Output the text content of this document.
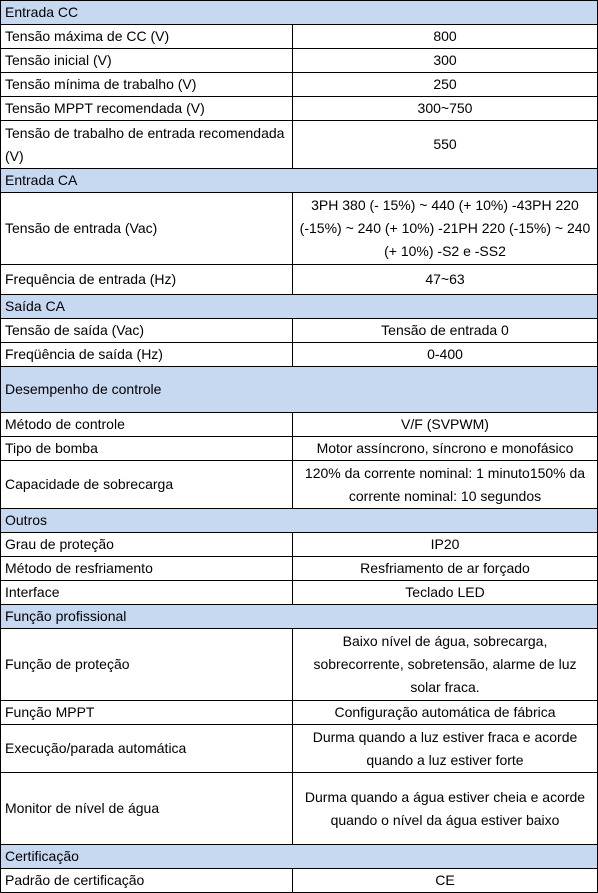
Entrada CC	
Tensão máxima de CC (V)	800
Tensão inicial (V)	300
Tensão mínima de trabalho (V)	250
Tensão MPPT recomendada (V)	300~750
Tensão de trabalho de entrada recomendada (V)	550
Entrada CA	
Tensão de entrada (Vac)	3PH 380 (- 15%) ~ 440 (+ 10%) -43PH 220 (-15%) ~ 240 (+ 10%) -21PH 220 (-15%) ~ 240 (+ 10%) -S2 e -SS2
Frequência de entrada (Hz)	47~63
Saída CA	
Tensão de saída (Vac)	Tensão de entrada 0
Freqüência de saída (Hz)	0-400
Desempenho de controle	
Método de controle	V/F (SVPWM)
Tipo de bomba	Motor assíncrono, síncrono e monofásico
Capacidade de sobrecarga	120% da corrente nominal: 1 minuto150% da corrente nominal: 10 segundos
Outros	
Grau de proteção	IP20
Método de resfriamento	Resfriamento de ar forçado
Interface	Teclado LED
Função profissional	
Função de proteção	Baixo nível de água, sobrecarga, sobrecorrente, sobretensão, alarme de luz solar fraca.
Função MPPT	Configuração automática de fábrica
Execução/parada automática	Durma quando a luz estiver fraca e acorde quando a luz estiver forte
Monitor de nível de água	Durma quando a água estiver cheia e acorde quando o nível da água estiver baixo
Certificação	
Padrão de certificação	CE
